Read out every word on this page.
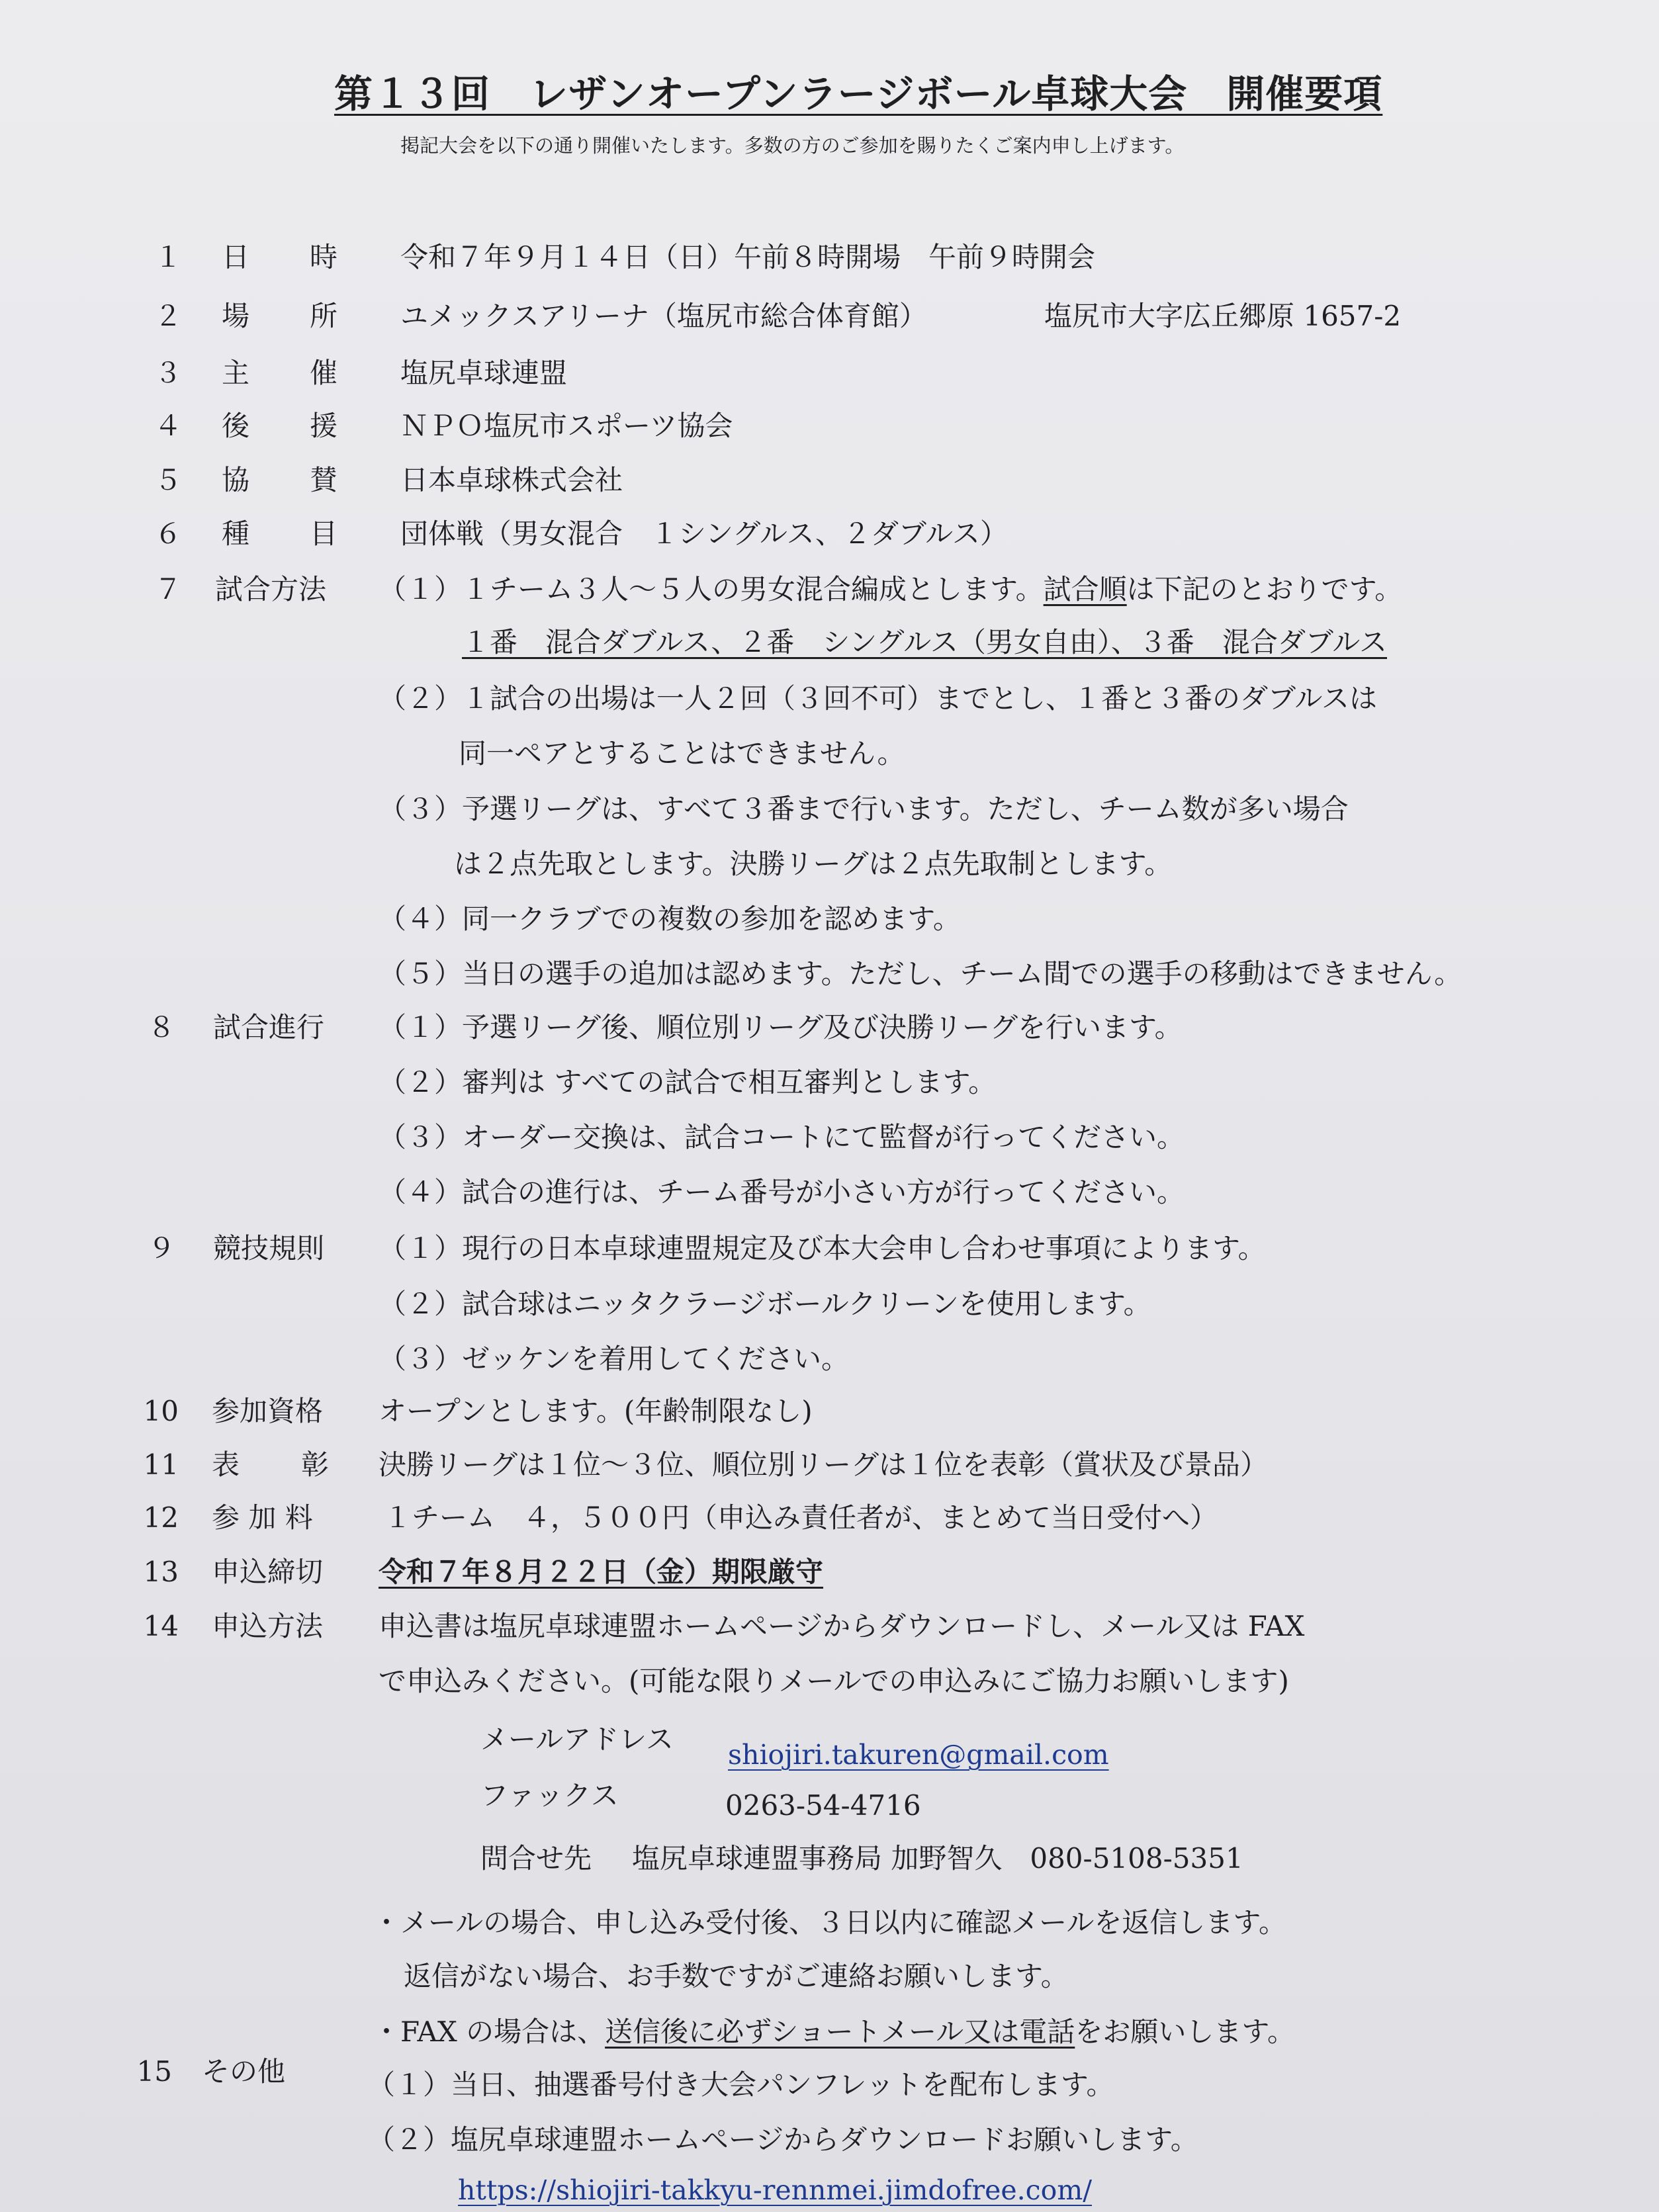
第１３回　レザンオープンラージボール卓球大会　開催要項
掲記大会を以下の通り開催いたします。多数の方のご参加を賜りたくご案内申し上げます。
１ 日 時 令和７年９月１４日（日）午前８時開場　午前９時開会
２ 場 所 ユメックスアリーナ（塩尻市総合体育館）	塩尻市大字広丘郷原 1657-2
３ 主 催 塩尻卓球連盟
４ 後 援 ＮＰＯ塩尻市スポーツ協会
５ 協 賛 日本卓球株式会社
６ 種 目 団体戦（男女混合　１シングルス、２ダブルス）
７ 試合方法 （１）１チーム３人～５人の男女混合編成とします。試合順は下記のとおりです。
１番　混合ダブルス、２番　シングルス（男女自由）、３番　混合ダブルス
（２）１試合の出場は一人２回（３回不可）までとし、１番と３番のダブルスは
同一ペアとすることはできません。
（３）予選リーグは、すべて３番まで行います。ただし、チーム数が多い場合
は２点先取とします。決勝リーグは２点先取制とします。
（４）同一クラブでの複数の参加を認めます。
（５）当日の選手の追加は認めます。ただし、チーム間での選手の移動はできません。
８ 試合進行 （１）予選リーグ後、順位別リーグ及び決勝リーグを行います。
（２）審判は すべての試合で相互審判とします。
（３）オーダー交換は、試合コートにて監督が行ってください。
（４）試合の進行は、チーム番号が小さい方が行ってください。
９ 競技規則 （１）現行の日本卓球連盟規定及び本大会申し合わせ事項によります。
（２）試合球はニッタクラージボールクリーンを使用します。
（３）ゼッケンを着用してください。
10 参加資格 オープンとします。(年齢制限なし)
11 表 彰 決勝リーグは１位～３位、順位別リーグは１位を表彰（賞状及び景品）
12 参 加 料	１チーム　４，５００円（申込み責任者が、まとめて当日受付へ）
13 申込締切 令和７年８月２２日（金）期限厳守
14 申込方法 申込書は塩尻卓球連盟ホームページからダウンロードし、メール又は FAX
で申込みください。(可能な限りメールでの申込みにご協力お願いします)
メールアドレス shiojiri.takuren@gmail.com
ファックス	0263-54-4716
問合せ先 塩尻卓球連盟事務局 加野智久　080-5108-5351
・メールの場合、申し込み受付後、３日以内に確認メールを返信します。
返信がない場合、お手数ですがご連絡お願いします。
・FAX の場合は、送信後に必ずショートメール又は電話をお願いします。
15 その他	（１）当日、抽選番号付き大会パンフレットを配布します。
（２）塩尻卓球連盟ホームページからダウンロードお願いします。
https://shiojiri-takkyu-rennmei.jimdofree.com/
